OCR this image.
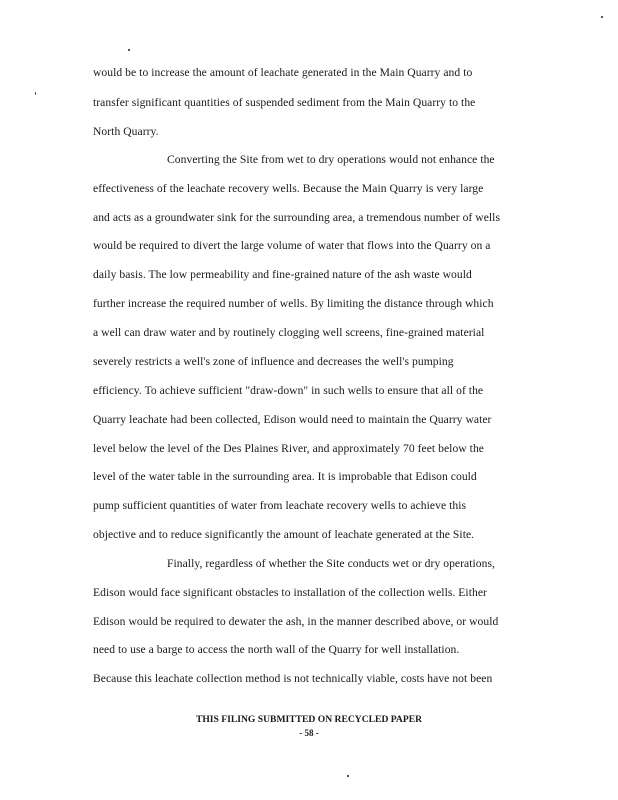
would be to increase the amount of leachate generated in the Main Quarry and to
transfer significant quantities of suspended sediment from the Main Quarry to the
North Quarry.
Converting the Site from wet to dry operations would not enhance the
effectiveness of the leachate recovery wells. Because the Main Quarry is very large
and acts as a groundwater sink for the surrounding area, a tremendous number of wells
would be required to divert the large volume of water that flows into the Quarry on a
daily basis. The low permeability and fine-grained nature of the ash waste would
further increase the required number of wells. By limiting the distance through which
a well can draw water and by routinely clogging well screens, fine-grained material
severely restricts a well's zone of influence and decreases the well's pumping
efficiency. To achieve sufficient "draw-down" in such wells to ensure that all of the
Quarry leachate had been collected, Edison would need to maintain the Quarry water
level below the level of the Des Plaines River, and approximately 70 feet below the
level of the water table in the surrounding area. It is improbable that Edison could
pump sufficient quantities of water from leachate recovery wells to achieve this
objective and to reduce significantly the amount of leachate generated at the Site.
Finally, regardless of whether the Site conducts wet or dry operations,
Edison would face significant obstacles to installation of the collection wells. Either
Edison would be required to dewater the ash, in the manner described above, or would
need to use a barge to access the north wall of the Quarry for well installation.
Because this leachate collection method is not technically viable, costs have not been
THIS FILING SUBMITTED ON RECYCLED PAPER
- 58 -
